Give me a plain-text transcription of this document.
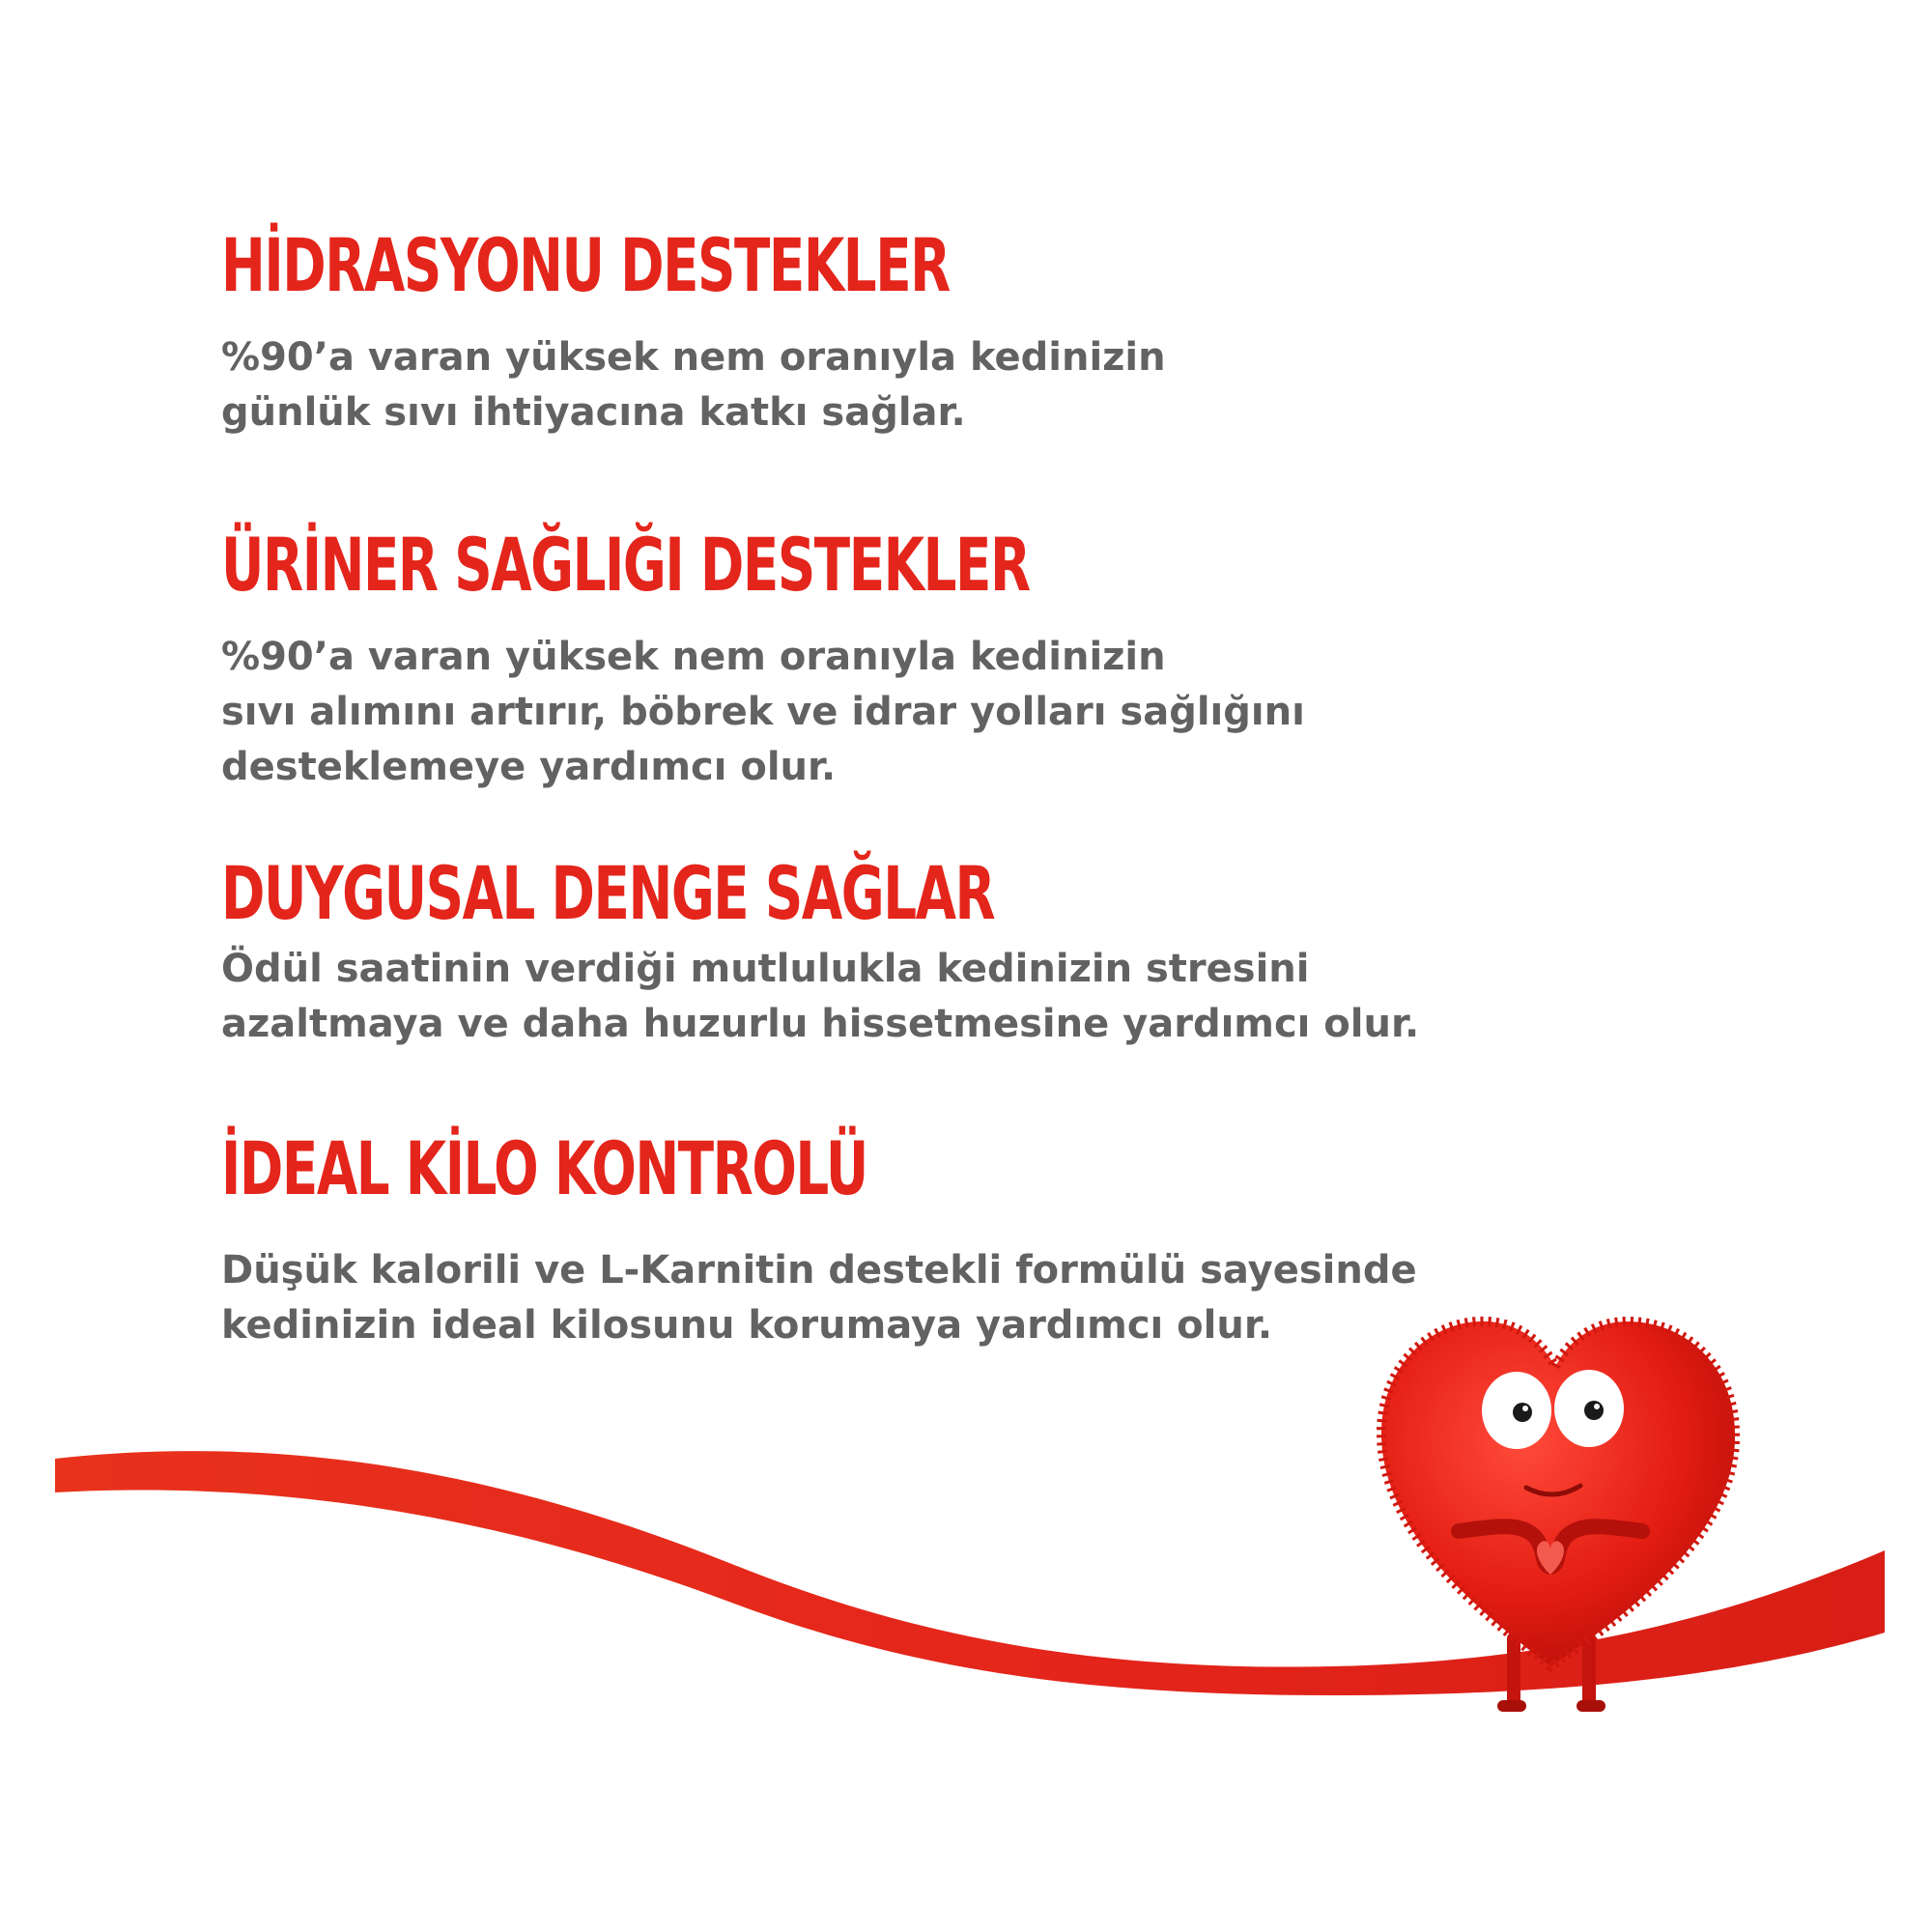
HİDRASYONU DESTEKLER

%90’a varan yüksek nem oranıyla kedinizin
günlük sıvı ihtiyacına katkı sağlar.

ÜRİNER SAĞLIĞI DESTEKLER

%90’a varan yüksek nem oranıyla kedinizin
sıvı alımını artırır, böbrek ve idrar yolları sağlığını
desteklemeye yardımcı olur.

DUYGUSAL DENGE SAĞLAR

Ödül saatinin verdiği mutlulukla kedinizin stresini
azaltmaya ve daha huzurlu hissetmesine yardımcı olur.

İDEAL KİLO KONTROLÜ

Düşük kalorili ve L-Karnitin destekli formülü sayesinde
kedinizin ideal kilosunu korumaya yardımcı olur.
